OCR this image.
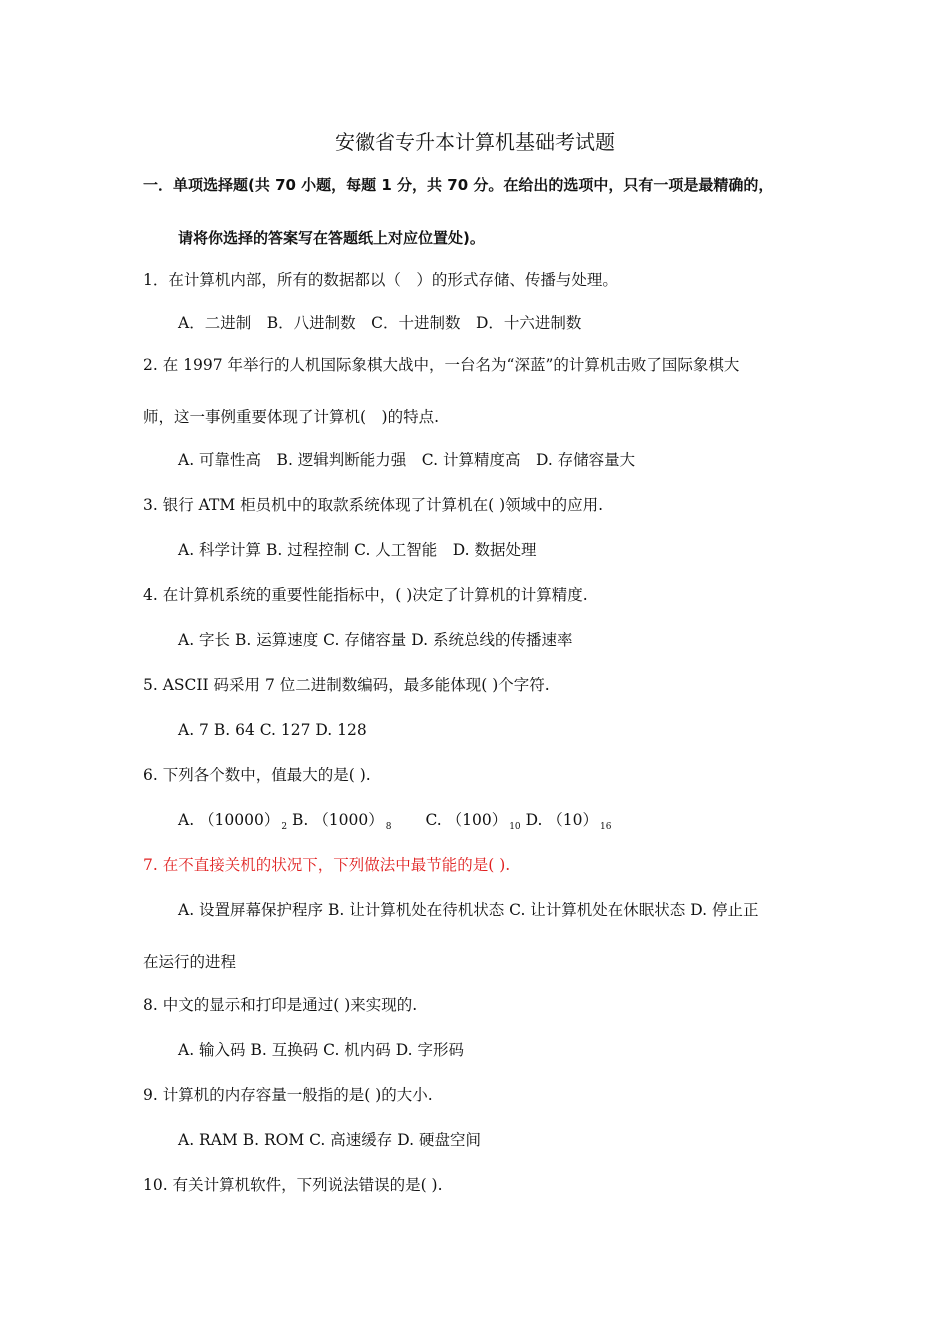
安徽省专升本计算机基础考试题
一．单项选择题(共 70 小题，每题 1 分，共 70 分。在给出的选项中，只有一项是最精确的，
请将你选择的答案写在答题纸上对应位置处)。
1．在计算机内部，所有的数据都以（　）的形式存储、传播与处理。
A．二进制　B．八进制数　C．十进制数　D．十六进制数
2. 在 1997 年举行的人机国际象棋大战中，一台名为“深蓝”的计算机击败了国际象棋大
师，这一事例重要体现了计算机(　)的特点.
A. 可靠性高　B. 逻辑判断能力强　C. 计算精度高　D. 存储容量大
3. 银行 ATM 柜员机中的取款系统体现了计算机在( )领域中的应用.
A. 科学计算 B. 过程控制 C. 人工智能　D. 数据处理
4. 在计算机系统的重要性能指标中，( )决定了计算机的计算精度.
A. 字长 B. 运算速度 C. 存储容量 D. 系统总线的传播速率
5. ASCII 码采用 7 位二进制数编码，最多能体现( )个字符.
A. 7 B. 64 C. 127 D. 128
6. 下列各个数中，值最大的是( ).
A. （10000） $_2$ B. （1000） $_8$ C. （100） $_{10}$ D. （10） $_{16}$
7. 在不直接关机的状况下，下列做法中最节能的是( ).
A. 设置屏幕保护程序 B. 让计算机处在待机状态 C. 让计算机处在休眠状态 D. 停止正
在运行的进程
8. 中文的显示和打印是通过( )来实现的.
A. 输入码 B. 互换码 C. 机内码 D. 字形码
9. 计算机的内存容量一般指的是( )的大小.
A. RAM B. ROM C. 高速缓存 D. 硬盘空间
10. 有关计算机软件，下列说法错误的是( ).
